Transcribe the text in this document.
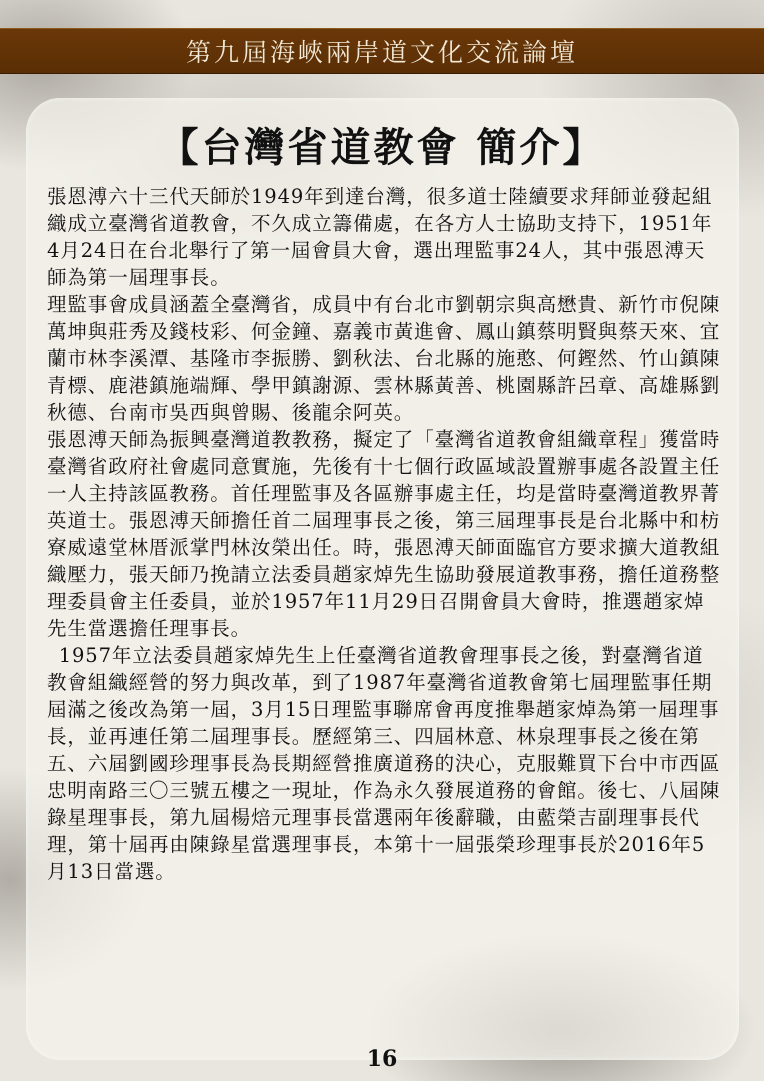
第九屆海峽兩岸道文化交流論壇
【台灣省道教會 簡介】

張恩溥六十三代天師於1949年到達台灣，很多道士陸續要求拜師並發起組織成立臺灣省道教會，不久成立籌備處，在各方人士協助支持下，1951年4月24日在台北舉行了第一屆會員大會，選出理監事24人，其中張恩溥天師為第一屆理事長。

理監事會成員涵蓋全臺灣省，成員中有台北市劉朝宗與高懋貴、新竹市倪陳萬坤與莊秀及錢枝彩、何金鐘、嘉義市黃進會、鳳山鎮蔡明賢與蔡天來、宜蘭市林李溪潭、基隆市李振勝、劉秋法、台北縣的施憨、何鏗然、竹山鎮陳青標、鹿港鎮施端輝、學甲鎮謝源、雲林縣黃善、桃園縣許呂章、高雄縣劉秋德、台南市吳西與曾賜、後龍余阿英。

張恩溥天師為振興臺灣道教教務，擬定了「臺灣省道教會組織章程」獲當時臺灣省政府社會處同意實施，先後有十七個行政區域設置辦事處各設置主任一人主持該區教務。首任理監事及各區辦事處主任，均是當時臺灣道教界菁英道士。張恩溥天師擔任首二屆理事長之後，第三屆理事長是台北縣中和枋寮威遠堂林厝派掌門林汝榮出任。時，張恩溥天師面臨官方要求擴大道教組織壓力，張天師乃挽請立法委員趙家焯先生協助發展道教事務，擔任道務整理委員會主任委員，並於1957年11月29日召開會員大會時，推選趙家焯先生當選擔任理事長。

1957年立法委員趙家焯先生上任臺灣省道教會理事長之後，對臺灣省道教會組織經營的努力與改革，到了1987年臺灣省道教會第七屆理監事任期屆滿之後改為第一屆，3月15日理監事聯席會再度推舉趙家焯為第一屆理事長，並再連任第二屆理事長。歷經第三、四屆林意、林泉理事長之後在第五、六屆劉國珍理事長為長期經營推廣道務的決心，克服難買下台中市西區忠明南路三〇三號五樓之一現址，作為永久發展道務的會館。後七、八屆陳錄星理事長，第九屆楊焙元理事長當選兩年後辭職，由藍榮吉副理事長代理，第十屆再由陳錄星當選理事長，本第十一屆張榮珍理事長於2016年5月13日當選。

16
